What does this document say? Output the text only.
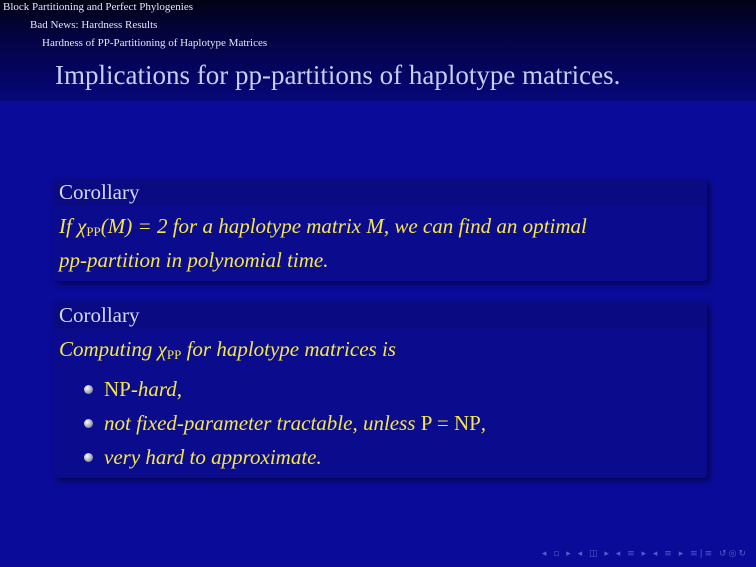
Block Partitioning and Perfect Phylogenies
Bad News: Hardness Results
Hardness of PP-Partitioning of Haplotype Matrices
Implications for pp-partitions of haplotype matrices.
Corollary
If $\chi_{PP}(M) = 2$ for a haplotype matrix M, we can find an optimal
pp-partition in polynomial time.
Corollary
Computing $\chi_{PP}$ for haplotype matrices is
NP-hard,
not fixed-parameter tractable, unless P = NP,
very hard to approximate.
◂ ▫ ▸ ◂ ◫ ▸ ◂ ≡ ▸ ◂ ≡ ▸ ≡|≡ ↺◎↻
